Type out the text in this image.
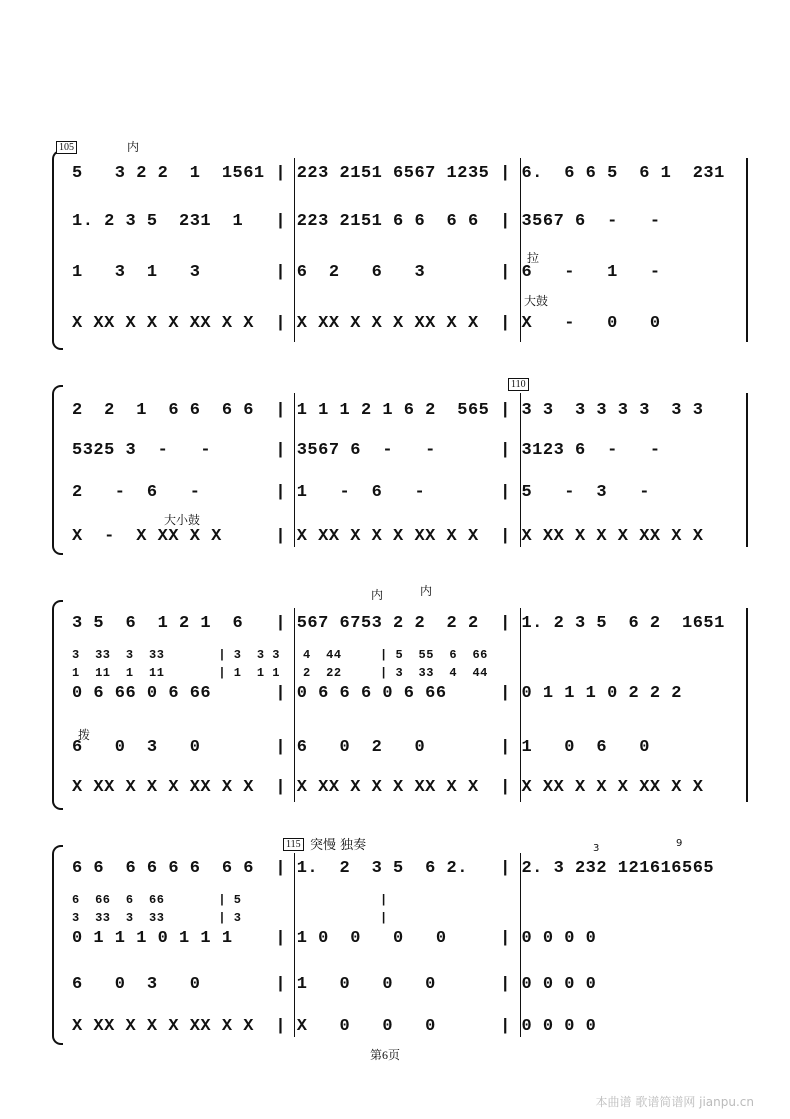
5   3 2 2  1  1561 | 223 2151 6567 1235 | 6.  6 6 5  6 1  231
1. 2 3 5  231  1   | 223 2151 6 6  6 6  | 3567 6  -   -
1   3  1   3       | 6  2   6   3       | 6   -   1   -
X XX X X X XX X X  | X XX X X X XX X X  | X   -   0   0
105	内
拉
大鼓
2  2  1  6 6  6 6  | 1 1 1 2 1 6 2  565 | 3 3  3 3 3 3  3 3
5325 3  -   -      | 3567 6  -   -      | 3123 6  -   -
2   -  6   -       | 1   -  6   -       | 5   -  3   -
X  -  X XX X X     | X XX X X X XX X X  | X XX X X X XX X X
110
大小鼓
3 5  6  1 2 1  6   | 567 6753 2 2  2 2  | 1. 2 3 5  6 2  1651
3  33  3  33       | 3  3 3   4  44     | 5  55  6  66
1  11  1  11       | 1  1 1   2  22     | 3  33  4  44
0 6 66 0 6 66      | 0 6 6 6 0 6 66     | 0 1 1 1 0 2 2 2
6   0  3   0       | 6   0  2   0       | 1   0  6   0
X XX X X X XX X X  | X XX X X X XX X X  | X XX X X X XX X X
内	内
拨
6 6  6 6 6 6  6 6  | 1.  2  3 5  6 2.   | 2. 3 232 121616565
6  66  6  66       | 5                  |
3  33  3  33       | 3                  |
0 1 1 1 0 1 1 1    | 1 0  0   0   0     | 0 0 0 0
6   0  3   0       | 1   0   0   0      | 0 0 0 0
X XX X X X XX X X  | X   0   0   0      | 0 0 0 0
115 突慢 独奏	3	9
第6页
本曲谱 歌谱简谱网 jianpu.cn
